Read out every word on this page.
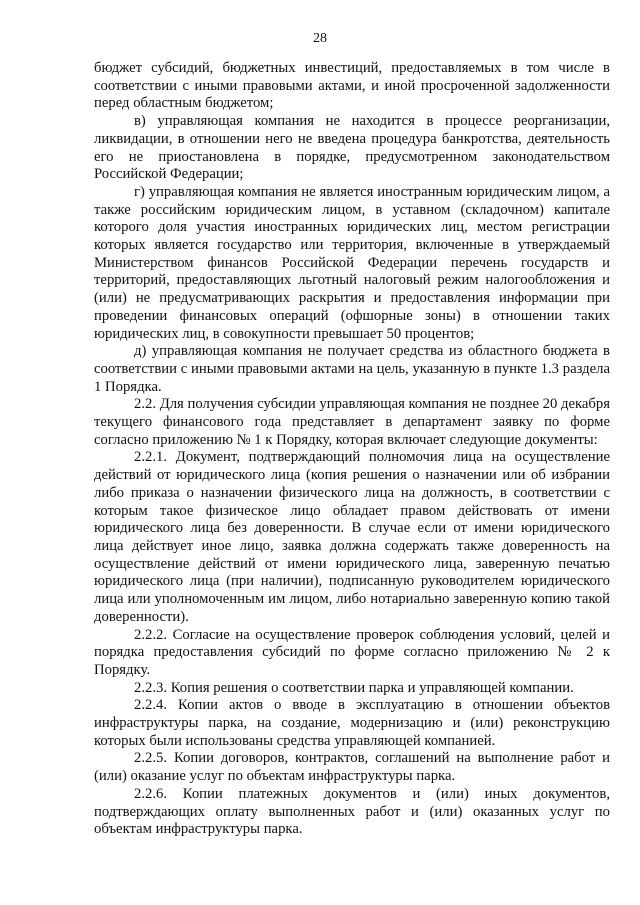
28

бюджет субсидий, бюджетных инвестиций, предоставляемых в том числе в соответствии с иными правовыми актами, и иной просроченной задолженности перед областным бюджетом;

в) управляющая компания не находится в процессе реорганизации, ликвидации, в отношении него не введена процедура банкротства, деятельность его не приостановлена в порядке, предусмотренном законодательством Российской Федерации;

г) управляющая компания не является иностранным юридическим лицом, а также российским юридическим лицом, в уставном (складочном) капитале которого доля участия иностранных юридических лиц, местом регистрации которых является государство или территория, включенные в утверждаемый Министерством финансов Российской Федерации перечень государств и территорий, предоставляющих льготный налоговый режим налогообложения и (или) не предусматривающих раскрытия и предоставления информации при проведении финансовых операций (офшорные зоны) в отношении таких юридических лиц, в совокупности превышает 50 процентов;

д) управляющая компания не получает средства из областного бюджета в соответствии с иными правовыми актами на цель, указанную в пункте 1.3 раздела 1 Порядка.

2.2. Для получения субсидии управляющая компания не позднее 20 декабря текущего финансового года представляет в департамент заявку по форме согласно приложению № 1 к Порядку, которая включает следующие документы:

2.2.1. Документ, подтверждающий полномочия лица на осуществление действий от юридического лица (копия решения о назначении или об избрании либо приказа о назначении физического лица на должность, в соответствии с которым такое физическое лицо обладает правом действовать от имени юридического лица без доверенности. В случае если от имени юридического лица действует иное лицо, заявка должна содержать также доверенность на осуществление действий от имени юридического лица, заверенную печатью юридического лица (при наличии), подписанную руководителем юридического лица или уполномоченным им лицом, либо нотариально заверенную копию такой доверенности).

2.2.2. Согласие на осуществление проверок соблюдения условий, целей и порядка предоставления субсидий по форме согласно приложению № 2 к Порядку.

2.2.3. Копия решения о соответствии парка и управляющей компании.

2.2.4. Копии актов о вводе в эксплуатацию в отношении объектов инфраструктуры парка, на создание, модернизацию и (или) реконструкцию которых были использованы средства управляющей компанией.

2.2.5. Копии договоров, контрактов, соглашений на выполнение работ и (или) оказание услуг по объектам инфраструктуры парка.

2.2.6. Копии платежных документов и (или) иных документов, подтверждающих оплату выполненных работ и (или) оказанных услуг по объектам инфраструктуры парка.
